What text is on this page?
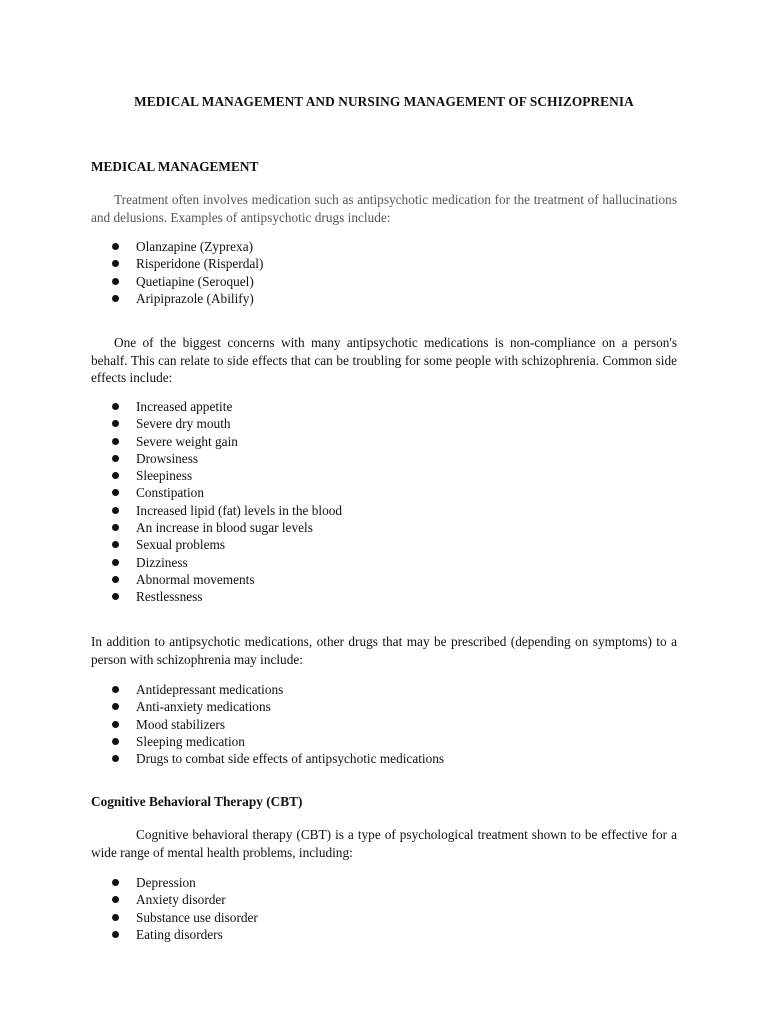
MEDICAL MANAGEMENT AND NURSING MANAGEMENT OF SCHIZOPRENIA
MEDICAL MANAGEMENT

Treatment often involves medication such as antipsychotic medication for the treatment of hallucinations and delusions. Examples of antipsychotic drugs include:

Olanzapine (Zyprexa)
Risperidone (Risperdal)
Quetiapine (Seroquel)
Aripiprazole (Abilify)

One of the biggest concerns with many antipsychotic medications is non-compliance on a person's behalf. This can relate to side effects that can be troubling for some people with schizophrenia. Common side effects include:

Increased appetite
Severe dry mouth
Severe weight gain
Drowsiness
Sleepiness
Constipation
Increased lipid (fat) levels in the blood
An increase in blood sugar levels
Sexual problems
Dizziness
Abnormal movements
Restlessness

In addition to antipsychotic medications, other drugs that may be prescribed (depending on symptoms) to a person with schizophrenia may include:

Antidepressant medications
Anti-anxiety medications
Mood stabilizers
Sleeping medication
Drugs to combat side effects of antipsychotic medications
Cognitive Behavioral Therapy (CBT)

Cognitive behavioral therapy (CBT) is a type of psychological treatment shown to be effective for a wide range of mental health problems, including:

Depression
Anxiety disorder
Substance use disorder
Eating disorders
